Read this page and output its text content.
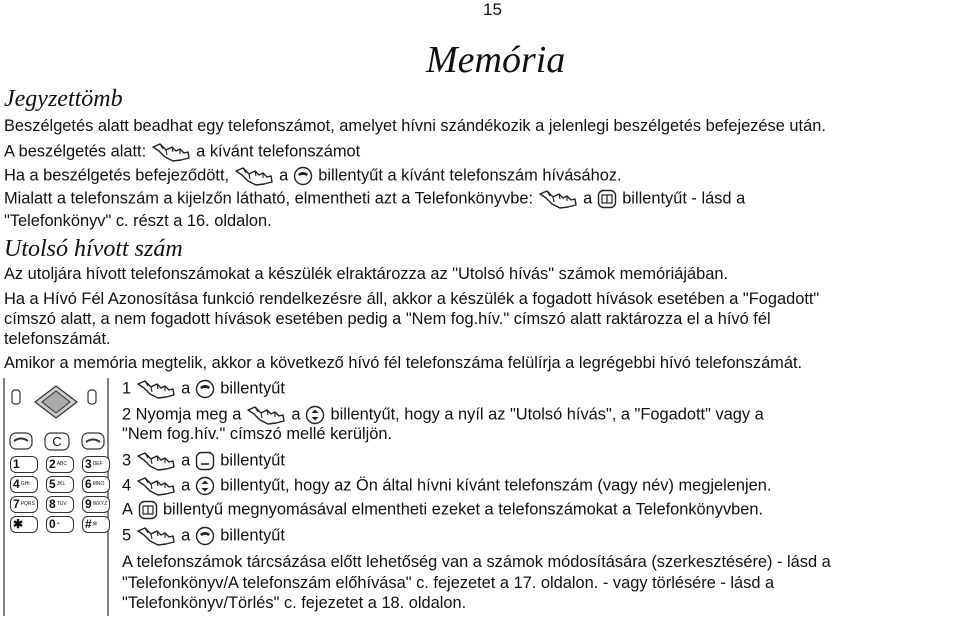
15
Memória
Jegyzettömb
Beszélgetés alatt beadhat egy telefonszámot, amelyet hívni szándékozik a jelenlegi beszélgetés befejezése után.
A beszélgetés alatt:	a kívánt telefonszámot
Ha a beszélgetés befejeződött,	a billentyűt a kívánt telefonszám hívásához.
Mialatt a telefonszám a kijelzőn látható, elmentheti azt a Telefonkönyvbe:	a billentyűt - lásd a
"Telefonkönyv" c. részt a 16. oldalon.
Utolsó hívott szám
Az utoljára hívott telefonszámokat a készülék elraktározza az "Utolsó hívás" számok memóriájában.
Ha a Hívó Fél Azonosítása funkció rendelkezésre áll, akkor a készülék a fogadott hívások esetében a "Fogadott"
címszó alatt, a nem fogadott hívások esetében pedig a "Nem fog.hív." címszó alatt raktározza el a hívó fél
telefonszámát.
Amikor a memória megtelik, akkor a következő hívó fél telefonszáma felülírja a legrégebbi hívó telefonszámát.
C
1	2ABC	3DEF
4GHI	5JKL	6MNO
7PQRS 8TUV	9WXYZ
✱	0+	#⊠
1	a billentyűt
2 Nyomja meg a	a billentyűt, hogy a nyíl az "Utolsó hívás", a "Fogadott" vagy a
"Nem fog.hív." címszó mellé kerüljön.
3	a billentyűt
4	a billentyűt, hogy az Ön által hívni kívánt telefonszám (vagy név) megjelenjen.
A billentyű megnyomásával elmentheti ezeket a telefonszámokat a Telefonkönyvben.
5	a billentyűt
A telefonszámok tárcsázása előtt lehetőség van a számok módosítására (szerkesztésére) - lásd a
"Telefonkönyv/A telefonszám előhívása" c. fejezetet a 17. oldalon. - vagy törlésére - lásd a
"Telefonkönyv/Törlés" c. fejezetet a 18. oldalon.
